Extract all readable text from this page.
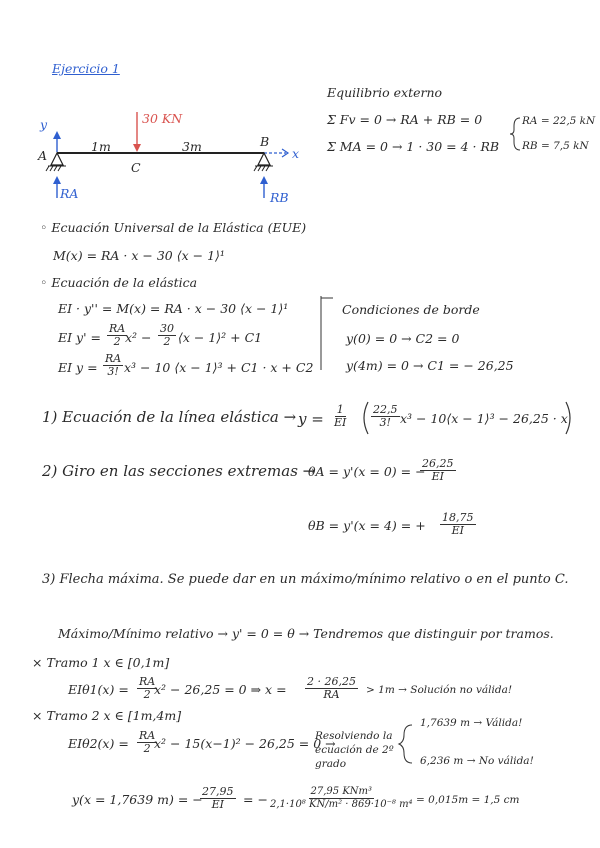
Ejercicio 1
y
x
A
B
C
1m	3m
30 KN
RA	RB
Equilibrio externo
Σ Fv = 0 → RA + RB = 0
Σ MA = 0 → 1 · 30 = 4 · RB
RA = 22,5 kN
RB = 7,5 kN
◦ Ecuación Universal de la Elástica (EUE)
M(x) = RA · x − 30 ⟨x − 1⟩¹
◦ Ecuación de la elástica
EI · y'' = M(x) = RA · x − 30 ⟨x − 1⟩¹
EI $y' = \frac{RA}{2}$
$x^2 - \frac{30}{2}$ ⟨x − 1⟩² + C1
EI $y = \frac{RA}{3!} x^3 - 10$ ⟨x − 1⟩³ + C1 · x + C2
Condiciones de borde
y(0) = 0 → C2 = 0
y(4m) = 0 → C1 = − 26,25
1) Ecuación de la línea elástica → $y = \frac{1}{EI} \frac{22,5}{3!} x^3$ − 10⟨x − 1⟩³ − 26,25 · x
2) Giro en las secciones extremas →
θA = y'(x = 0) = −
$\frac{26,25}{EI}$
θB = y'(x = 4) = + $\frac{18,75}{EI}$
3) Flecha máxima. Se puede dar en un máximo/mínimo relativo o en el punto C.
Máximo/Mínimo relativo → y' = 0 = θ → Tendremos que distinguir por tramos.
× Tramo 1 x ∈ [0,1m]
$EI\theta 1(x) = \frac{RA}{2}$
x² − 26,25 = 0 ⇒ $x = \frac{2 \cdot 26,25}{RA} > 1m$ → Solución no válida!
× Tramo 2 x ∈ [1m,4m]
$EI\theta 2(x) = \frac{RA}{2}$
x² − 15(x−1)² − 26,25 = 0 →
Resolviendo la
ecuación de 2º
grado
1,7639 m → Válida!
6,236 m → No válida!
y(x = 1,7639 m) = −
$\frac{27,95}{EI}$ = −
27,95 KNm³
2,1·10⁸ KN/m² · 869·10⁻⁸ m⁴ = 0,015m = 1,5 cm
